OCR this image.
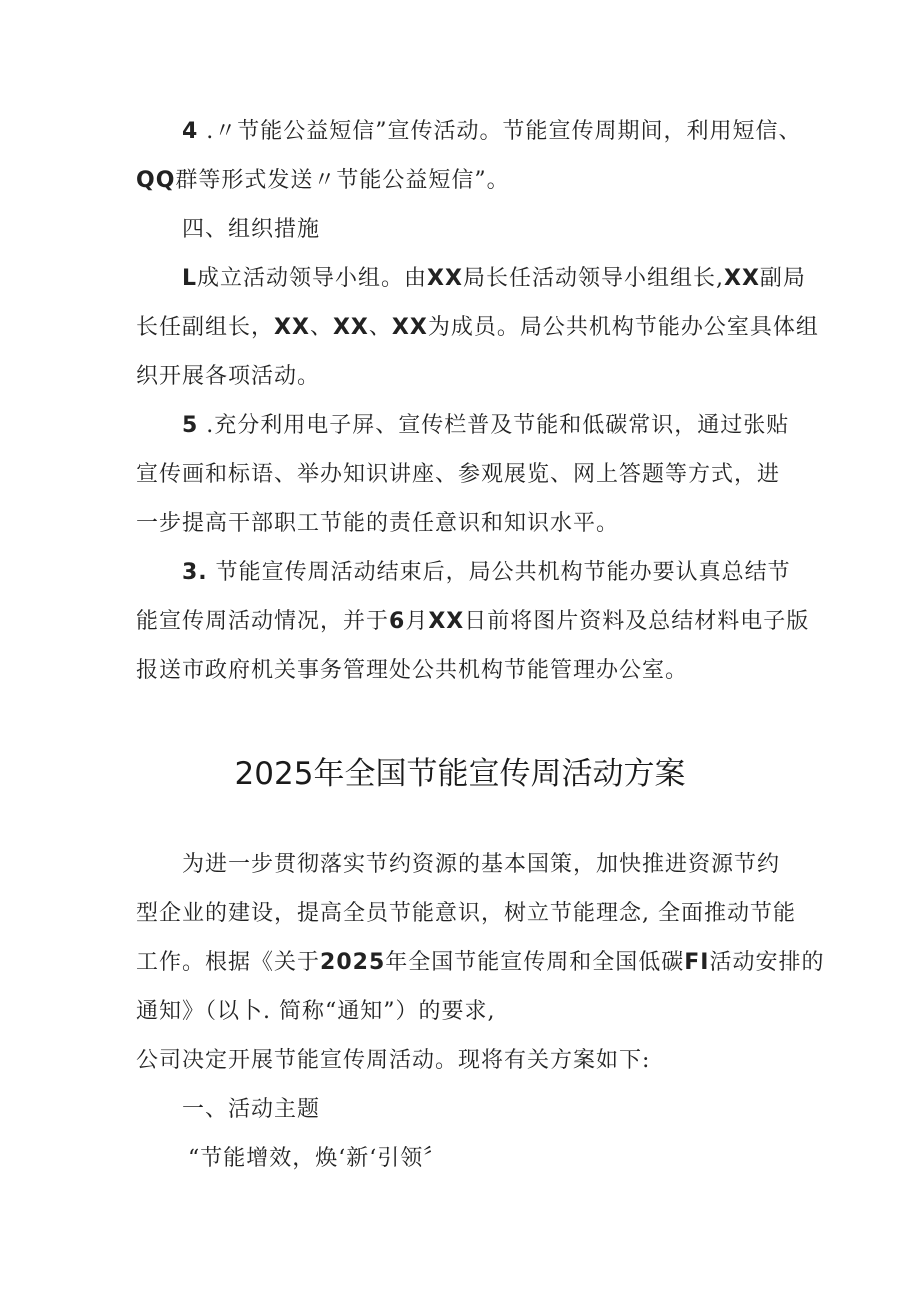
4 .〃节能公益短信”宣传活动。节能宣传周期间，利用短信、
QQ群等形式发送〃节能公益短信”。
四、组织措施
L成立活动领导小组。由XX局长任活动领导小组组长,XX副局
长任副组长，XX、XX、XX为成员。局公共机构节能办公室具体组
织开展各项活动。
5 .充分利用电子屏、宣传栏普及节能和低碳常识，通过张贴
宣传画和标语、举办知识讲座、参观展览、网上答题等方式，进
一步提高干部职工节能的责任意识和知识水平。
3. 节能宣传周活动结束后，局公共机构节能办要认真总结节
能宣传周活动情况，并于6月XX日前将图片资料及总结材料电子版
报送市政府机关事务管理处公共机构节能管理办公室。
2025年全国节能宣传周活动方案
为进一步贯彻落实节约资源的基本国策，加快推进资源节约
型企业的建设，提高全员节能意识，树立节能理念, 全面推动节能
工作。根据《关于2025年全国节能宣传周和全国低碳FI活动安排的
通知》（以卜. 简称“通知”）的要求,
公司决定开展节能宣传周活动。现将有关方案如下:
一、活动主题
“节能增效，焕‘新‘引领〞
